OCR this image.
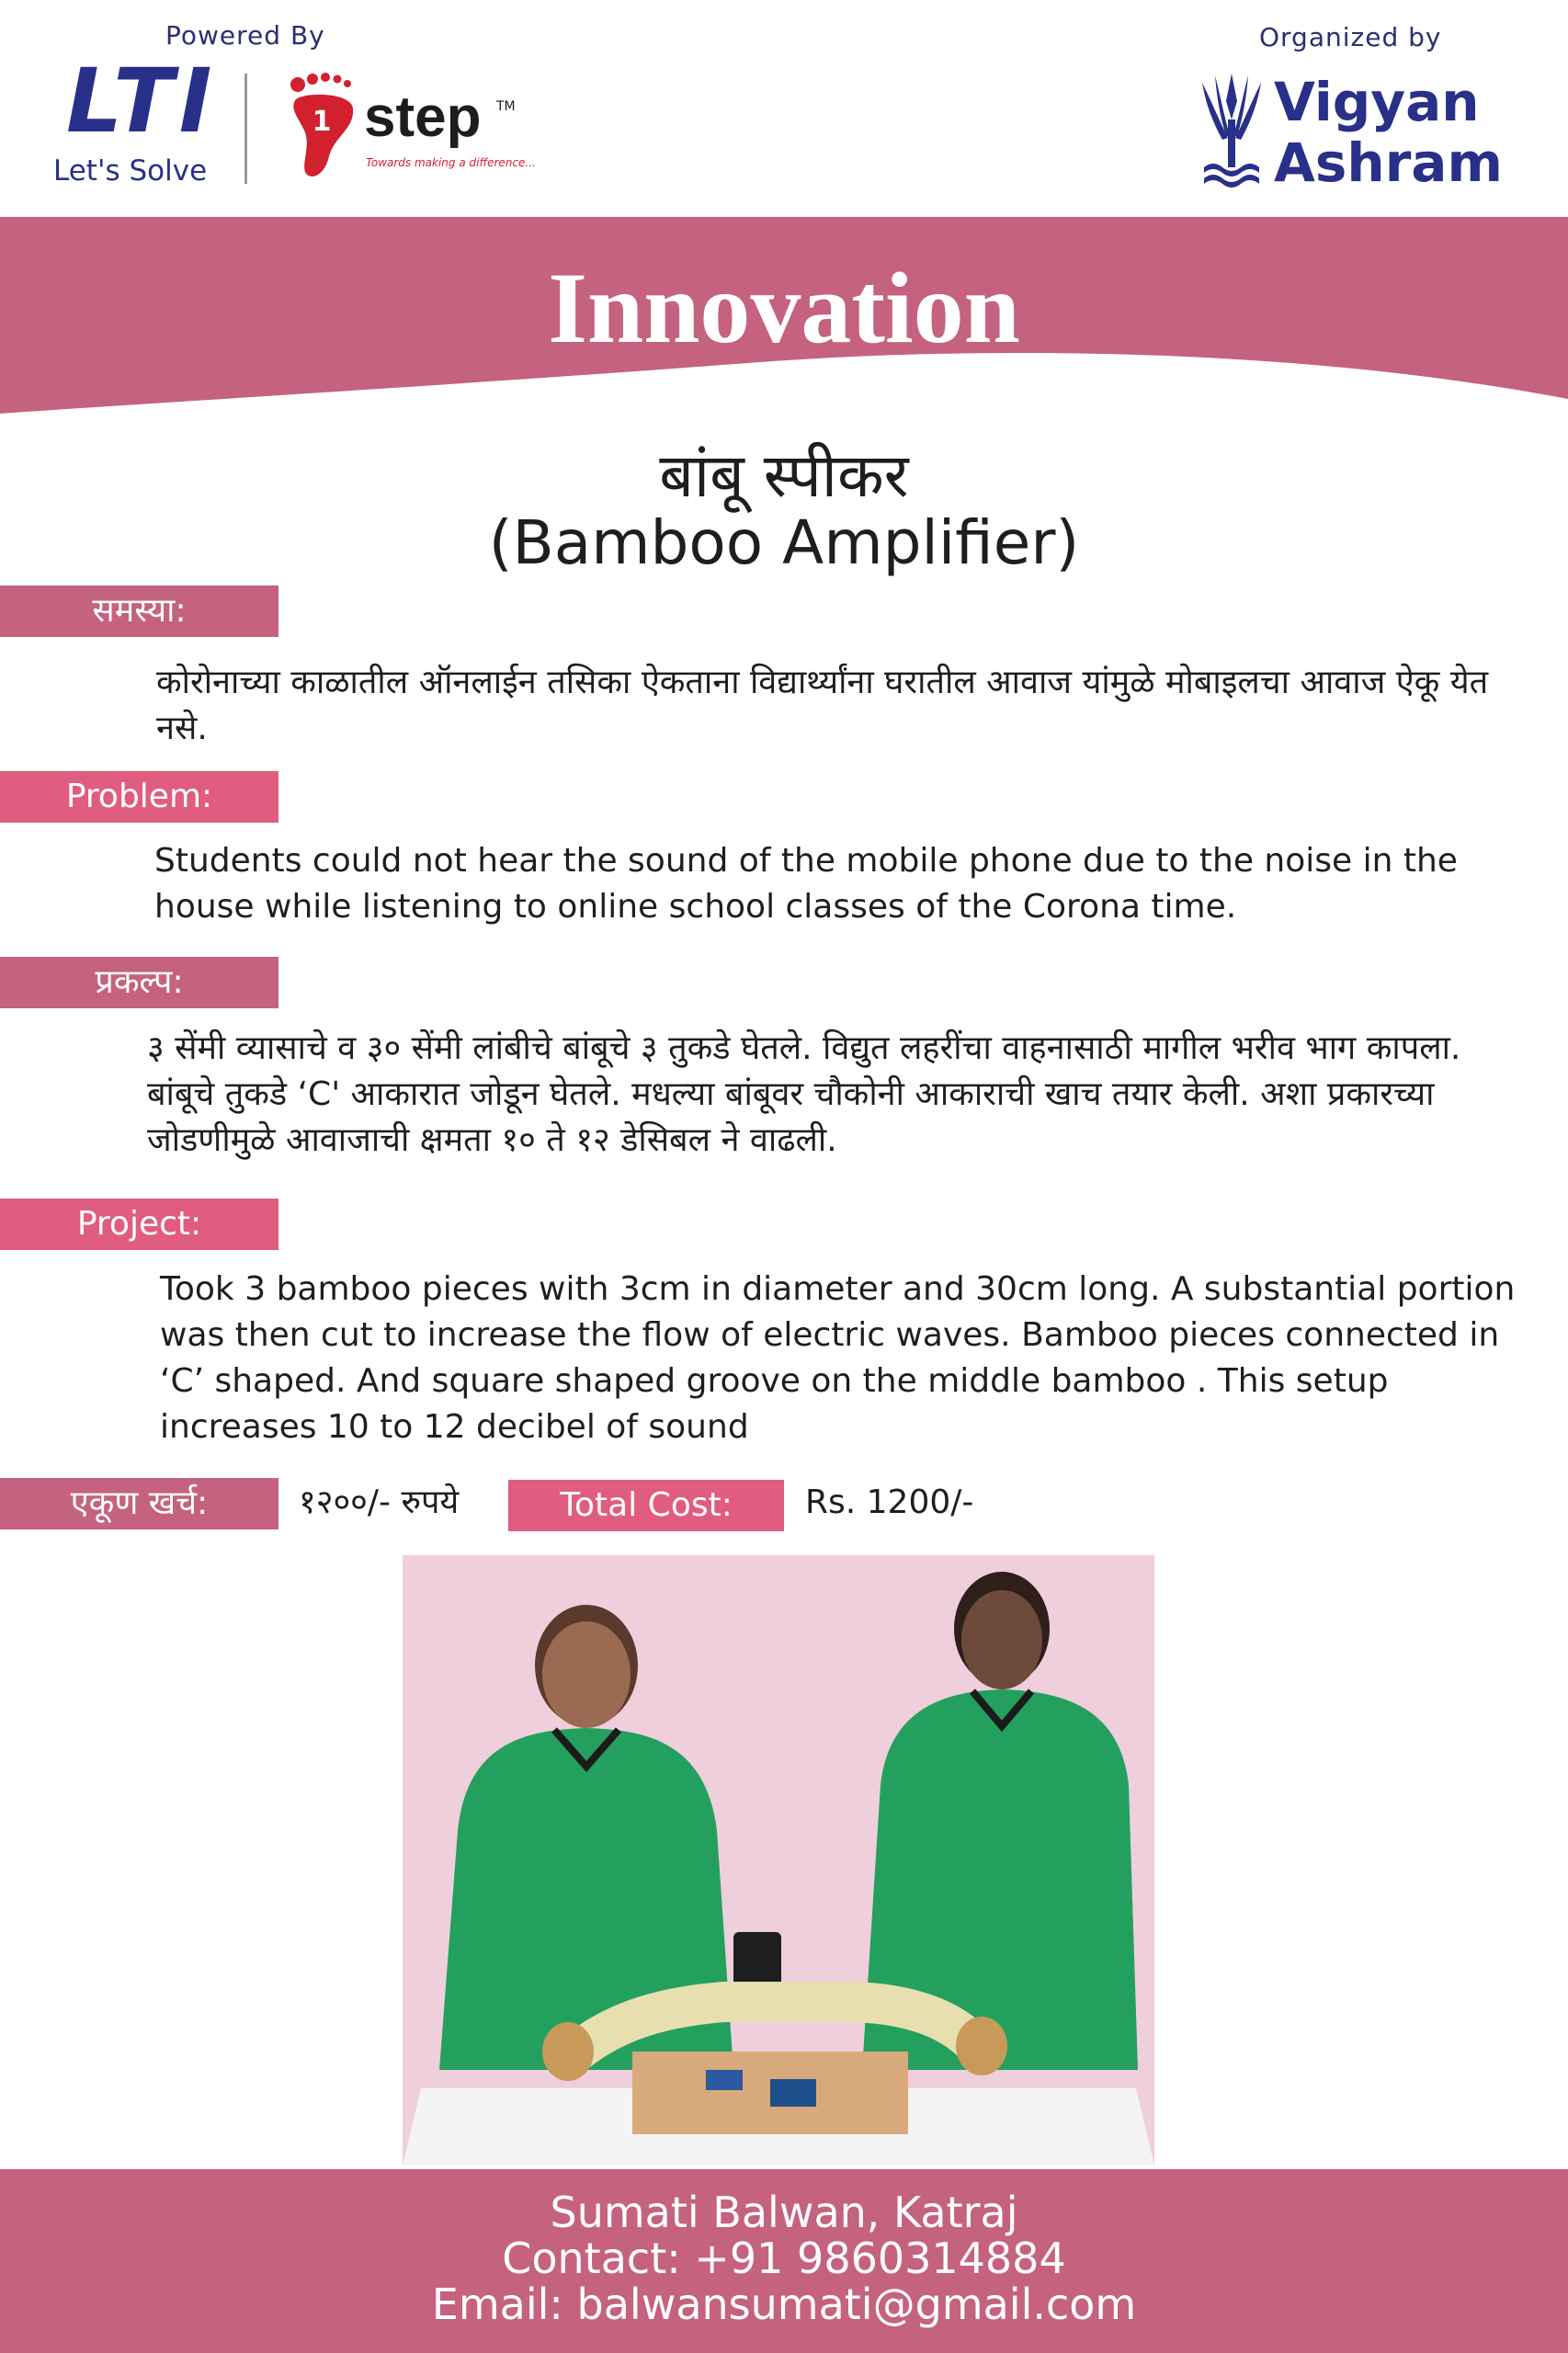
Powered By
LTI
Let's Solve
1 step TM
Towards making a difference...
Organized by
Vigyan
Ashram
Innovation
बांबू स्पीकर
(Bamboo Amplifier)
समस्या:
कोरोनाच्या काळातील ऑनलाईन तसिका ऐकताना विद्यार्थ्यांना घरातील आवाज यांमुळे मोबाइलचा आवाज ऐकू येत नसे.
Problem:
Students could not hear the sound of the mobile phone due to the noise in the house while listening to online school classes of the Corona time.
प्रकल्प:
३ सेंमी व्यासाचे व ३० सेंमी लांबीचे बांबूचे ३ तुकडे घेतले. विद्युत लहरींचा वाहनासाठी मागील भरीव भाग कापला. बांबूचे तुकडे ‘C' आकारात जोडून घेतले. मधल्या बांबूवर चौकोनी आकाराची खाच तयार केली. अशा प्रकारच्या जोडणीमुळे आवाजाची क्षमता १० ते १२ डेसिबल ने वाढली.
Project:
Took 3 bamboo pieces with 3cm in diameter and 30cm long. A substantial portion was then cut to increase the flow of electric waves. Bamboo pieces connected in ‘C’ shaped. And square shaped groove on the middle bamboo . This setup increases 10 to 12 decibel of sound
एकूण खर्च:	१२००/- रुपये	Total Cost:	Rs. 1200/-
Sumati Balwan, Katraj
Contact: +91 9860314884
Email: balwansumati@gmail.com
